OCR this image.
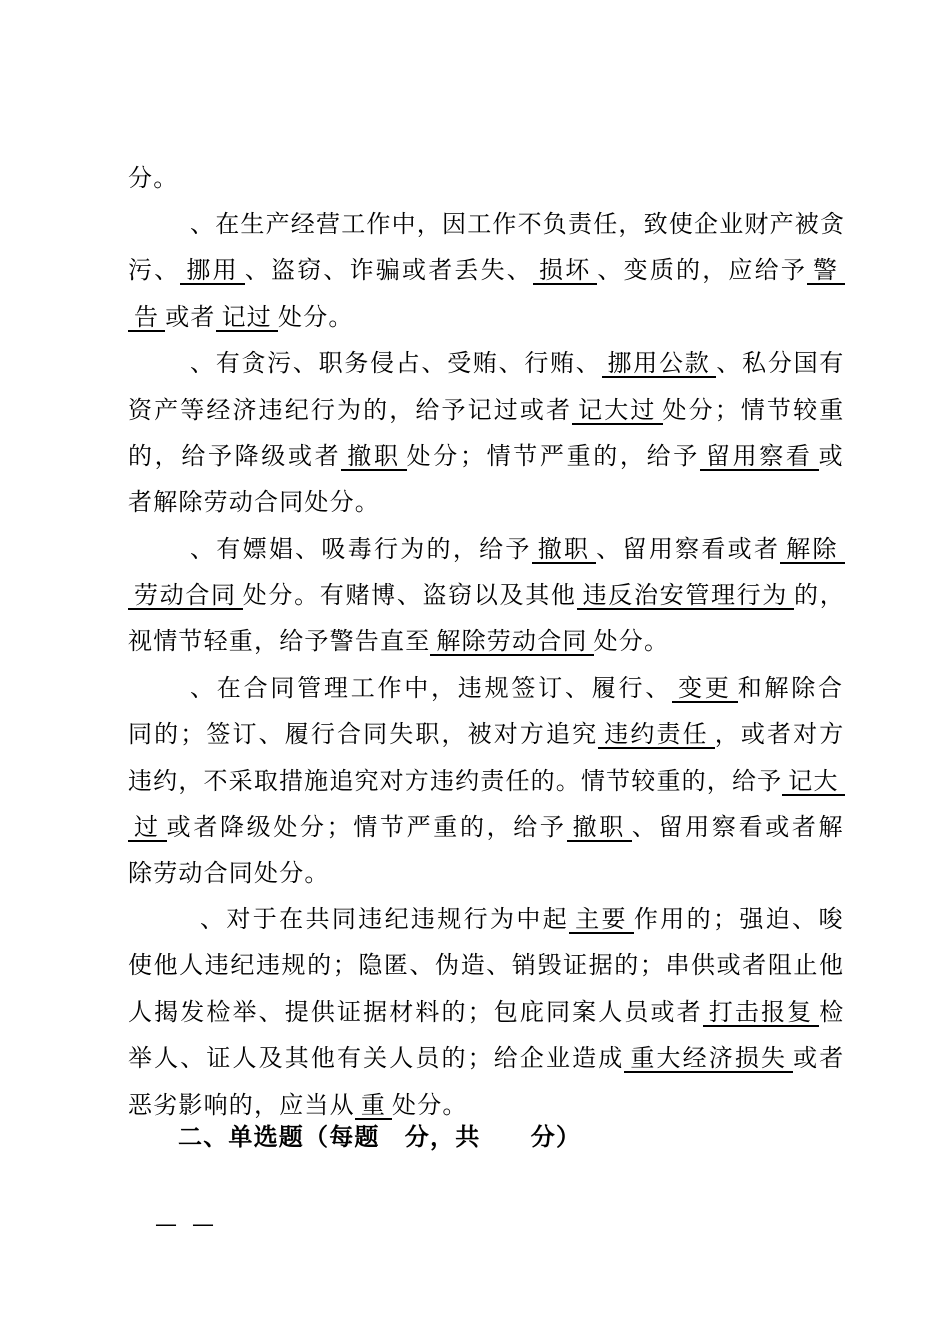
分。
、在生产经营工作中，因工作不负责任，致使企业财产被贪
污、 挪用 、盗窃、诈骗或者丢失、 损坏 、变质的，应给予 警
告 或者 记过 处分。
、有贪污、职务侵占、受贿、行贿、 挪用公款 、私分国有
资产等经济违纪行为的，给予记过或者 记大过 处分；情节较重
的，给予降级或者 撤职 处分；情节严重的，给予 留用察看 或
者解除劳动合同处分。
、有嫖娼、吸毒行为的，给予 撤职 、留用察看或者 解除
劳动合同 处分。有赌博、盗窃以及其他 违反治安管理行为 的，
视情节轻重，给予警告直至 解除劳动合同 处分。
、在合同管理工作中，违规签订、履行、 变更 和解除合
同的；签订、履行合同失职，被对方追究 违约责任 ，或者对方
违约，不采取措施追究对方违约责任的。情节较重的，给予 记大
过 或者降级处分；情节严重的，给予 撤职 、留用察看或者解
除劳动合同处分。
、对于在共同违纪违规行为中起 主要 作用的；强迫、唆
使他人违纪违规的；隐匿、伪造、销毁证据的；串供或者阻止他
人揭发检举、提供证据材料的；包庇同案人员或者 打击报复 检
举人、证人及其他有关人员的；给企业造成 重大经济损失 或者
恶劣影响的，应当从 重 处分。
二、单选题（每题　分，共　　分）
— —
